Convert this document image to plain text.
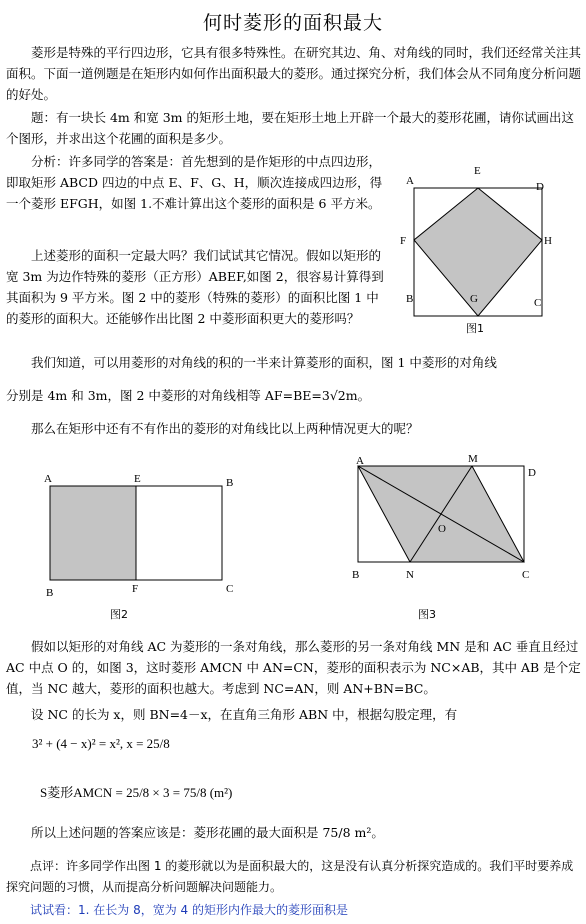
何时菱形的面积最大

菱形是特殊的平行四边形，它具有很多特殊性。在研究其边、角、对角线的同时，我们还经常关注其面积。下面一道例题是在矩形内如何作出面积最大的菱形。通过探究分析，我们体会从不同角度分析问题的好处。

题：有一块长 4m 和宽 3m 的矩形土地，要在矩形土地上开辟一个最大的菱形花圃，请你试画出这个图形，并求出这个花圃的面积是多少。

分析：许多同学的答案是：首先想到的是作矩形的中点四边形，即取矩形 ABCD 四边的中点 E、F、G、H，顺次连接成四边形，得一个菱形 EFGH，如图 1.不难计算出这个菱形的面积是 6 平方米。

上述菱形的面积一定最大吗？我们试试其它情况。假如以矩形的宽 3m 为边作特殊的菱形（正方形）ABEF,如图 2，很容易计算得到其面积为 9 平方米。图 2 中的菱形（特殊的菱形）的面积比图 1 中的菱形的面积大。还能够作出比图 2 中菱形面积更大的菱形吗？

A
E
D
F	H
B	G	C
图1

我们知道，可以用菱形的对角线的积的一半来计算菱形的面积，图 1 中菱形的对角线

分别是 4m 和 3m，图 2 中菱形的对角线相等 AF=BE=3√2m。

那么在矩形中还有不有作出的菱形的对角线比以上两种情况更大的呢？

A	E	B
B	F	C
图2
A	M
D
O
B	N	C
图3

假如以矩形的对角线 AC 为菱形的一条对角线，那么菱形的另一条对角线 MN 是和 AC 垂直且经过 AC 中点 O 的，如图 3，这时菱形 AMCN 中 AN=CN，菱形的面积表示为 NC×AB，其中 AB 是个定值，当 NC 越大，菱形的面积也越大。考虑到 NC=AN，则 AN+BN=BC。

设 NC 的长为 x，则 BN=4－x，在直角三角形 ABN 中，根据勾股定理，有

3² + (4 − x)² = x², x = 25/8
S菱形AMCN = 25/8 × 3 = 75/8 (m²)

所以上述问题的答案应该是：菱形花圃的最大面积是 75/8 m²。

点评：许多同学作出图 1 的菱形就以为是面积最大的，这是没有认真分析探究造成的。我们平时要养成探究问题的习惯，从而提高分析问题解决问题能力。

试试看：1. 在长为 8，宽为 4 的矩形内作最大的菱形面积是
